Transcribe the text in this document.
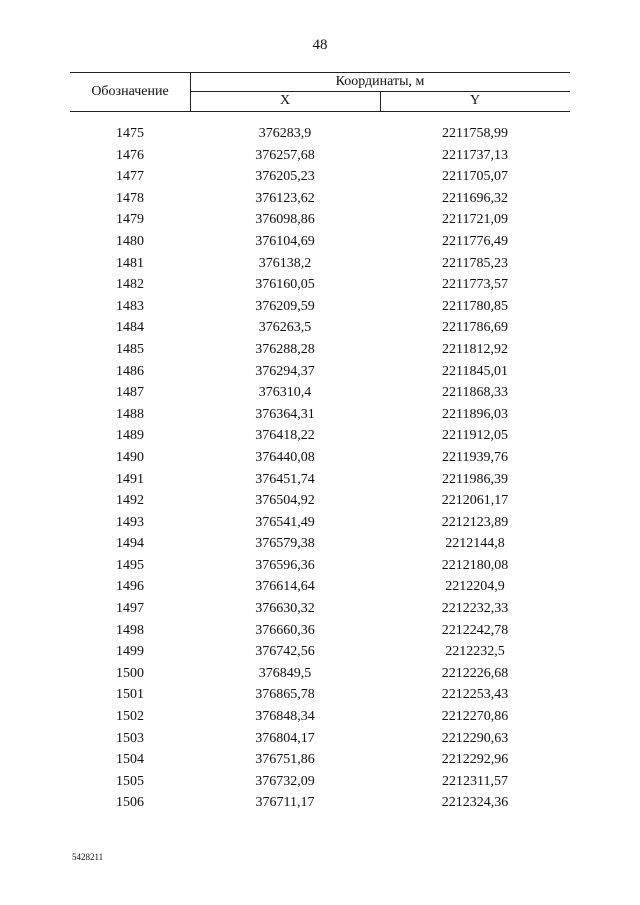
48
Обозначение
Координаты, м
X	Y
1475	376283,9	2211758,99
1476	376257,68	2211737,13
1477	376205,23	2211705,07
1478	376123,62	2211696,32
1479	376098,86	2211721,09
1480	376104,69	2211776,49
1481	376138,2	2211785,23
1482	376160,05	2211773,57
1483	376209,59	2211780,85
1484	376263,5	2211786,69
1485	376288,28	2211812,92
1486	376294,37	2211845,01
1487	376310,4	2211868,33
1488	376364,31	2211896,03
1489	376418,22	2211912,05
1490	376440,08	2211939,76
1491	376451,74	2211986,39
1492	376504,92	2212061,17
1493	376541,49	2212123,89
1494	376579,38	2212144,8
1495	376596,36	2212180,08
1496	376614,64	2212204,9
1497	376630,32	2212232,33
1498	376660,36	2212242,78
1499	376742,56	2212232,5
1500	376849,5	2212226,68
1501	376865,78	2212253,43
1502	376848,34	2212270,86
1503	376804,17	2212290,63
1504	376751,86	2212292,96
1505	376732,09	2212311,57
1506	376711,17	2212324,36
5428211
